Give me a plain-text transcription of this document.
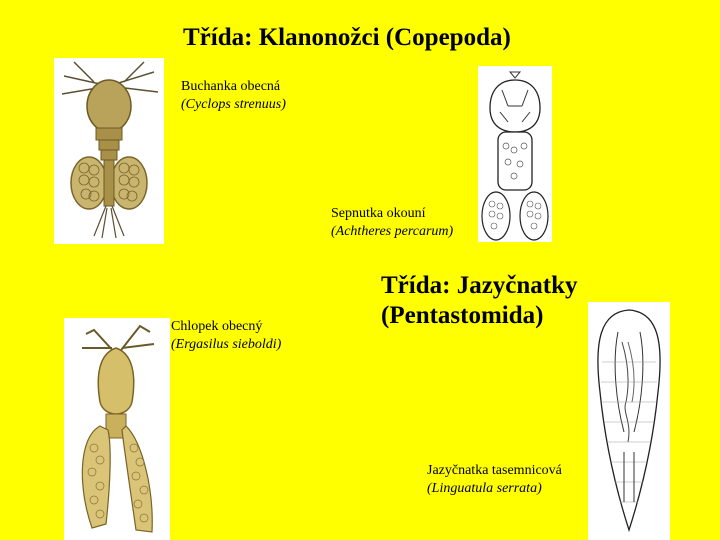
Třída: Klanonožci (Copepoda)
Třída: Jazyčnatky
(Pentastomida)
Buchanka obecná
(Cyclops strenuus)
Sepnutka okouní
(Achtheres percarum)
Chlopek obecný
(Ergasilus sieboldi)
Jazyčnatka tasemnicová
(Linguatula serrata)
